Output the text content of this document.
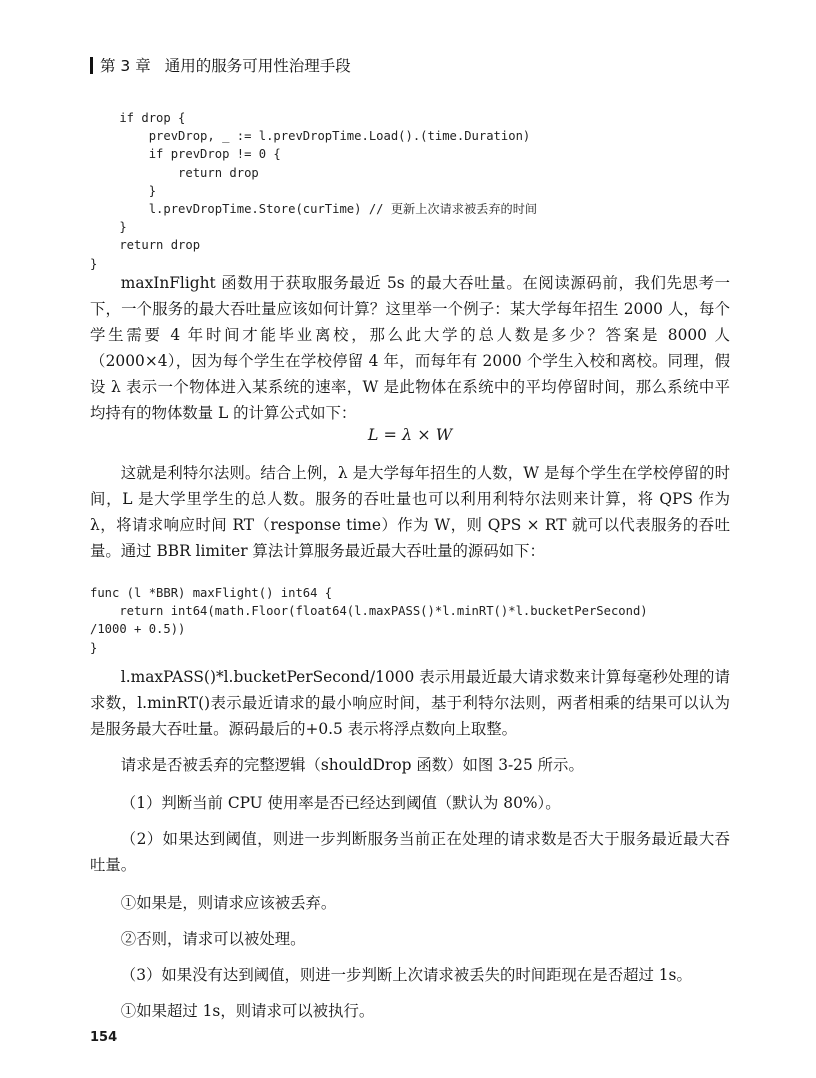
第 3 章 通用的服务可用性治理手段
if drop {
prevDrop, _ := l.prevDropTime.Load().(time.Duration)
if prevDrop != 0 {
return drop
}
l.prevDropTime.Store(curTime) // 更新上次请求被丢弃的时间
}
return drop
}

maxInFlight 函数用于获取服务最近 5s 的最大吞吐量。在阅读源码前，我们先思考一下，一个服务的最大吞吐量应该如何计算？这里举一个例子：某大学每年招生 2000 人，每个学生需要 4 年时间才能毕业离校，那么此大学的总人数是多少？答案是 8000 人（2000×4），因为每个学生在学校停留 4 年，而每年有 2000 个学生入校和离校。同理，假设 λ 表示一个物体进入某系统的速率，W 是此物体在系统中的平均停留时间，那么系统中平均持有的物体数量 L 的计算公式如下：

L = λ × W

这就是利特尔法则。结合上例，λ 是大学每年招生的人数，W 是每个学生在学校停留的时间，L 是大学里学生的总人数。服务的吞吐量也可以利用利特尔法则来计算，将 QPS 作为 λ，将请求响应时间 RT（response time）作为 W，则 QPS × RT 就可以代表服务的吞吐量。通过 BBR limiter 算法计算服务最近最大吞吐量的源码如下：

func (l *BBR) maxFlight() int64 {
return int64(math.Floor(float64(l.maxPASS()*l.minRT()*l.bucketPerSecond)
/1000 + 0.5))
}

l.maxPASS()*l.bucketPerSecond/1000 表示用最近最大请求数来计算每毫秒处理的请求数，l.minRT()表示最近请求的最小响应时间，基于利特尔法则，两者相乘的结果可以认为是服务最大吞吐量。源码最后的+0.5 表示将浮点数向上取整。

请求是否被丢弃的完整逻辑（shouldDrop 函数）如图 3-25 所示。

（1）判断当前 CPU 使用率是否已经达到阈值（默认为 80%）。

（2）如果达到阈值，则进一步判断服务当前正在处理的请求数是否大于服务最近最大吞吐量。

①如果是，则请求应该被丢弃。

②否则，请求可以被处理。

（3）如果没有达到阈值，则进一步判断上次请求被丢失的时间距现在是否超过 1s。

①如果超过 1s，则请求可以被执行。

154
